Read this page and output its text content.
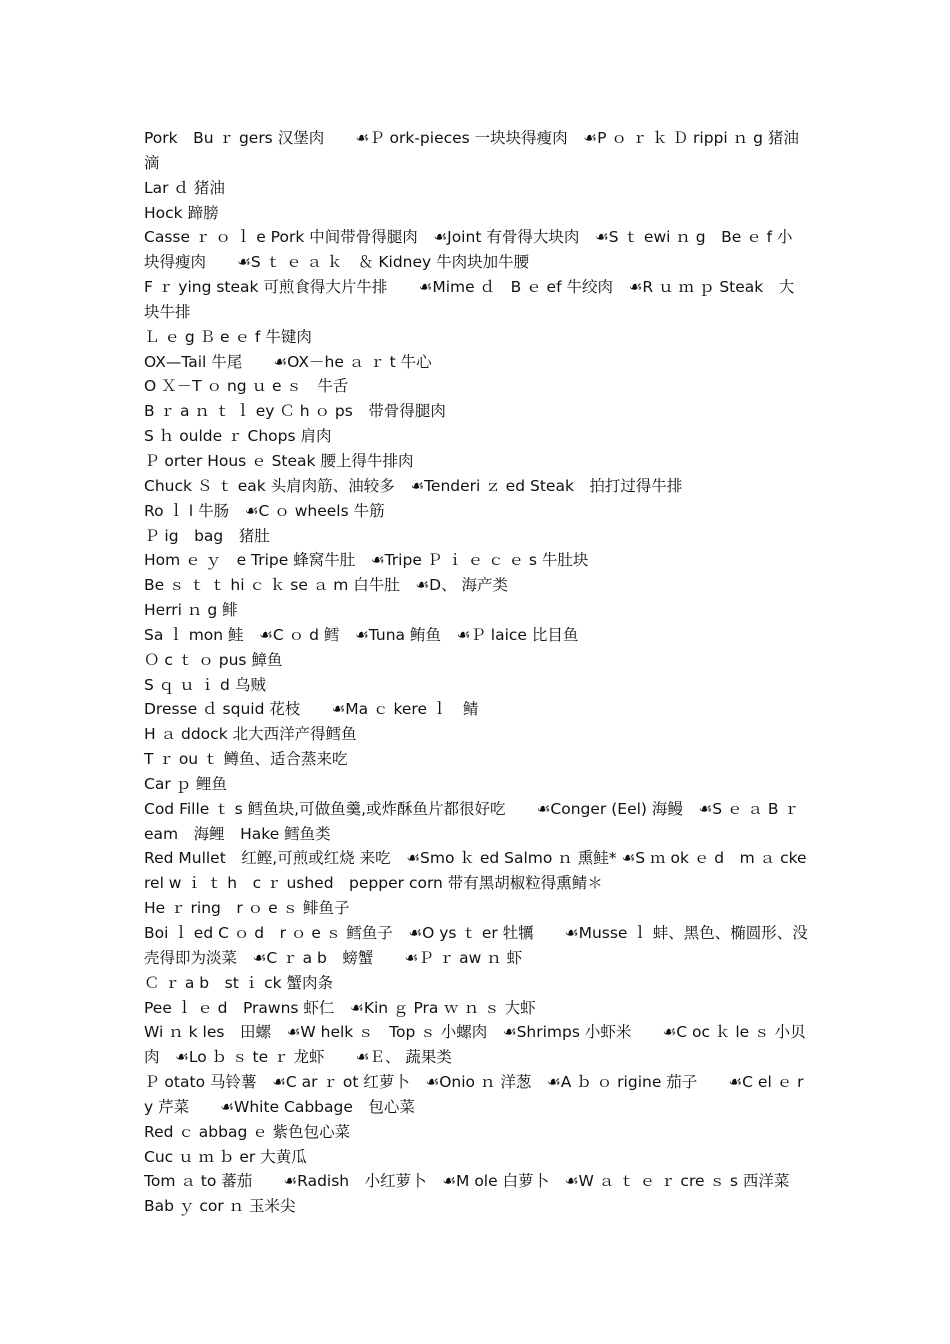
Pork　Bu ｒ gers 汉堡肉　　☙Ｐ ork-pieces 一块块得瘦肉　☙P ｏ ｒ ｋ Ｄ rippi ｎ g 猪油滴

Lar ｄ 猪油

Hock 蹄膀

Casse ｒ ｏ ｌ e Pork 中间带骨得腿肉　☙Joint 有骨得大块肉　☙S ｔ ewi ｎ g　Be ｅ f 小块得瘦肉　　☙S ｔ ｅ ａ ｋ　＆ Kidney 牛肉块加牛腰

F ｒ ying steak 可煎食得大片牛排　　☙Mime ｄ　B ｅ ef 牛绞肉　☙R ｕ ｍ ｐ Steak　大块牛排

Ｌ ｅ g Ｂ e ｅ f 牛键肉

OX—Tail 牛尾　　☙OX－he ａ ｒ t 牛心

O Ｘ－T ｏ ng ｕ e ｓ　牛舌

B ｒ a ｎ ｔ ｌ ey Ｃ h ｏ ps　带骨得腿肉

S ｈ oulde ｒ Chops 肩肉

Ｐ orter Hous ｅ Steak 腰上得牛排肉

Chuck Ｓ ｔ eak 头肩肉筋、油较多　☙Tenderi ｚ ed Steak　拍打过得牛排

Ro ｌ l 牛肠　☙C ｏ wheels 牛筋

Ｐ ig　bag　猪肚

Hom ｅ ｙ　e Tripe 蜂窝牛肚　☙Tripe Ｐ ｉ ｅ ｃ ｅ s 牛肚块

Be ｓ ｔ ｔ hi ｃ ｋ se ａ m 白牛肚　☙D、 海产类

Herri ｎ g 鲱

Sa ｌ mon 鲑　☙C ｏ d 鳕　☙Tuna 鲔鱼　☙Ｐ laice 比目鱼

Ｏ c ｔ ｏ pus 鱆鱼

S ｑ ｕ ｉ d 乌贼

Dresse ｄ squid 花枝　　☙Ma ｃ kere ｌ　鲭

H ａ ddock 北大西洋产得鳕鱼

T ｒ ou ｔ 鳟鱼、适合蒸来吃

Car ｐ 鲤鱼

Cod Fille ｔ s 鳕鱼块,可做鱼羹,或炸酥鱼片都很好吃　　☙Conger (Eel) 海鳗　☙S ｅ ａ B ｒ eam　海鲤　Hake 鳕鱼类

Red Mullet　红鲣,可煎或红烧 来吃　☙Smo ｋ ed Salmo ｎ 熏鲑* ☙S ｍ ok ｅ d　m ａ ckerel w ｉ ｔ h　c ｒ ushed　pepper corn 带有黑胡椒粒得熏鲭＊

He ｒ ring　r ｏ e ｓ 鲱鱼子

Boi ｌ ed C ｏ d　r ｏ e ｓ 鳕鱼子　☙O ys ｔ er 牡犡　　☙Musse ｌ 蚌、黑色、椭圆形、没壳得即为淡菜　☙C ｒ a b　螃蟹　　☙Ｐ ｒ aw ｎ 虾

Ｃ ｒ a b　st ｉ ck 蟹肉条

Pee ｌ ｅ d　Prawns 虾仁　☙Kin ｇ Pra ｗ ｎ ｓ 大虾

Wi ｎ k les　田螺　☙W helk ｓ　Top ｓ 小螺肉　☙Shrimps 小虾米　　☙C oc ｋ le ｓ 小贝肉　☙Lo ｂ ｓ te ｒ 龙虾　　☙Ｅ、 蔬果类

Ｐ otato 马铃薯　☙C ar ｒ ot 红萝卜　☙Onio ｎ 洋葱　☙A ｂ ｏ rigine 茄子　　☙C el ｅ ry 芹菜　　☙White Cabbage　包心菜

Red ｃ abbag ｅ 紫色包心菜

Cuc ｕ ｍ ｂ er 大黄瓜

Tom ａ to 蕃茄　　☙Radish　小红萝卜　☙M ole 白萝卜　☙W ａ ｔ ｅ ｒ cre ｓ s 西洋菜

Bab ｙ cor ｎ 玉米尖
